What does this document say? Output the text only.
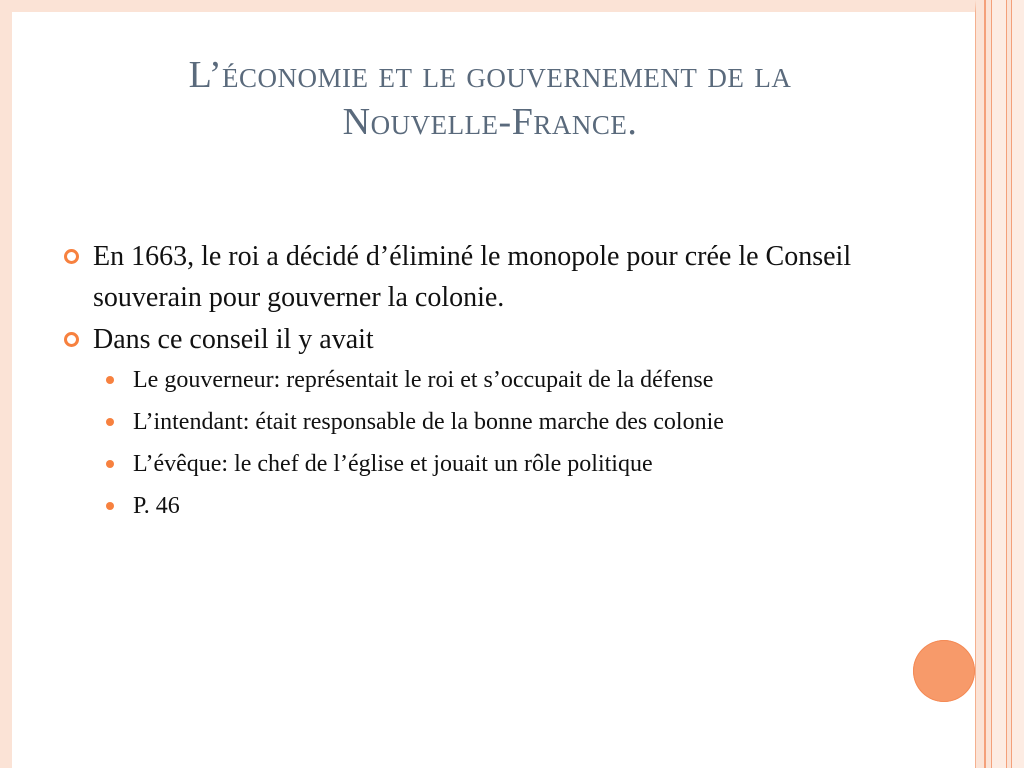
L’économie et le gouvernement de la
Nouvelle-France.
En 1663, le roi a décidé d’éliminé le monopole pour crée le Conseil souverain pour gouverner la colonie.
Dans ce conseil il y avait
Le gouverneur: représentait le roi et s’occupait de la défense
L’intendant: était responsable de la bonne marche des colonie
L’évêque: le chef de l’église et jouait un rôle politique
P. 46
